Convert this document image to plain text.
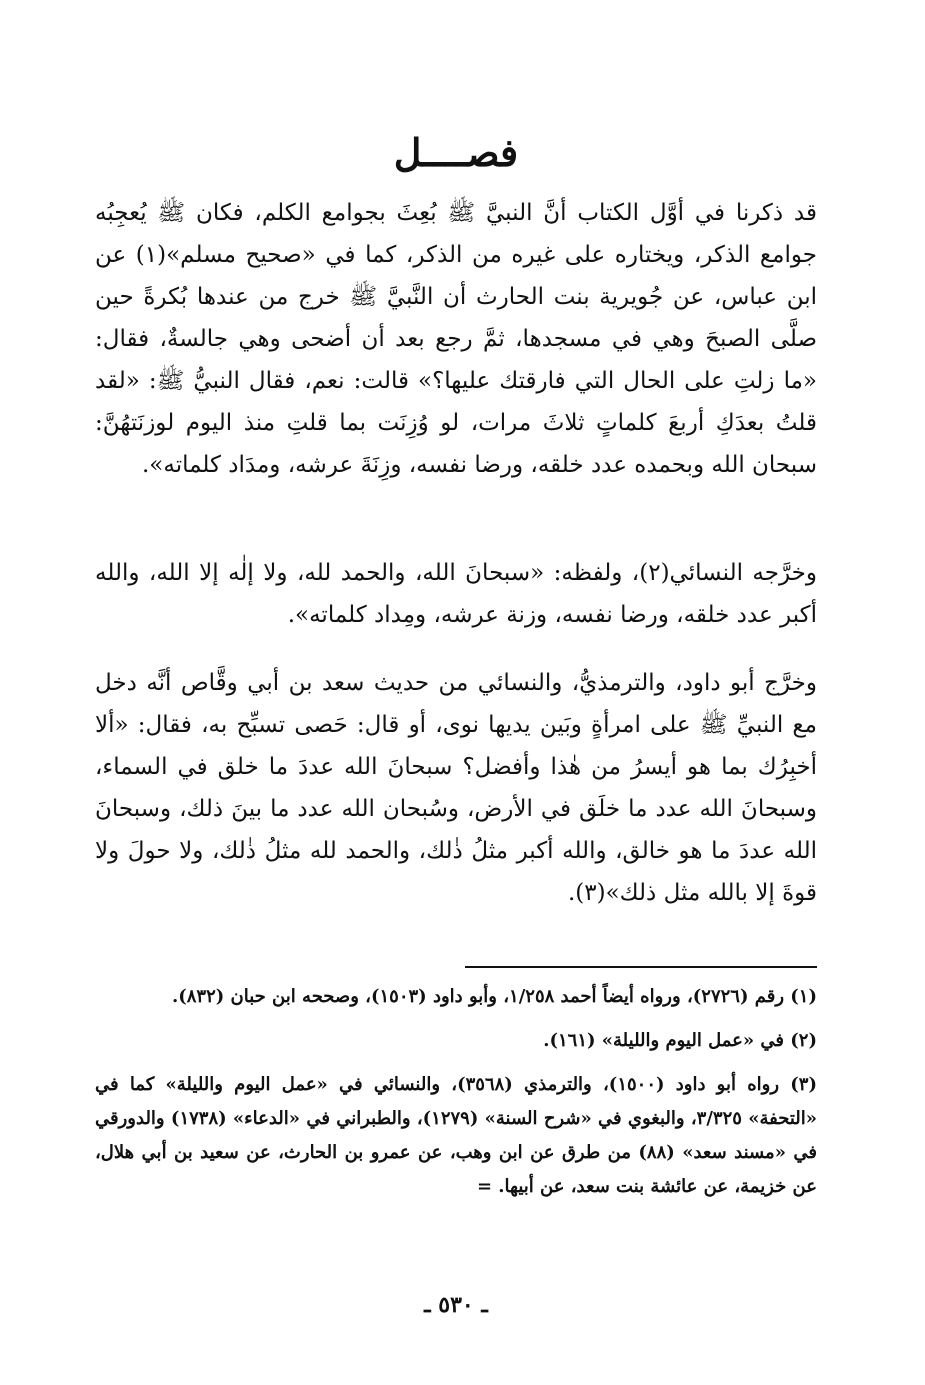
فصــــل

قد ذكرنا في أوَّل الكتاب أنَّ النبيَّ ﷺ بُعِثَ بجوامع الكلم، فكان ﷺ يُعجِبُه جوامع الذكر، ويختاره على غيره من الذكر، كما في «صحيح مسلم»(١) عن ابن عباس، عن جُويرية بنت الحارث أن النَّبيَّ ﷺ خرج من عندها بُكرةً حين صلَّى الصبحَ وهي في مسجدها، ثمَّ رجع بعد أن أضحى وهي جالسةٌ، فقال: «ما زلتِ على الحال التي فارقتك عليها؟» قالت: نعم، فقال النبيُّ ﷺ: «لقد قلتُ بعدَكِ أربعَ كلماتٍ ثلاثَ مرات، لو وُزِنَت بما قلتِ منذ اليوم لوزنَتهُنَّ: سبحان الله وبحمده عدد خلقه، ورضا نفسه، وزِنَةَ عرشه، ومدَاد كلماته».

وخرَّجه النسائي(٢)، ولفظه: «سبحانَ الله، والحمد لله، ولا إلٰه إلا الله، والله أكبر عدد خلقه، ورضا نفسه، وزنة عرشه، ومِداد كلماته».

وخرَّج أبو داود، والترمذيُّ، والنسائي من حديث سعد بن أبي وقَّاص أنَّه دخل مع النبيِّ ﷺ على امرأةٍ وبَين يديها نوى، أو قال: حَصى تسبِّح به، فقال: «ألا أخبِرُك بما هو أيسرُ من هٰذا وأفضل؟ سبحانَ الله عددَ ما خلق في السماء، وسبحانَ الله عدد ما خلَق في الأرض، وسُبحان الله عدد ما بينَ ذلك، وسبحانَ الله عددَ ما هو خالق، والله أكبر مثلُ ذٰلك، والحمد لله مثلُ ذٰلك، ولا حولَ ولا قوةَ إلا بالله مثل ذلك»(٣).

(١) رقم (٢٧٢٦)، ورواه أيضاً أحمد ١/٢٥٨، وأبو داود (١٥٠٣)، وصححه ابن حبان (٨٣٢).

(٢) في «عمل اليوم والليلة» (١٦١).

(٣) رواه أبو داود (١٥٠٠)، والترمذي (٣٥٦٨)، والنسائي في «عمل اليوم والليلة» كما في «التحفة» ٣/٣٢٥، والبغوي في «شرح السنة» (١٢٧٩)، والطبراني في «الدعاء» (١٧٣٨) والدورقي في «مسند سعد» (٨٨) من طرق عن ابن وهب، عن عمرو بن الحارث، عن سعيد بن أبي هلال، عن خزيمة، عن عائشة بنت سعد، عن أبيها. =

ـ ٥٣٠ ـ
